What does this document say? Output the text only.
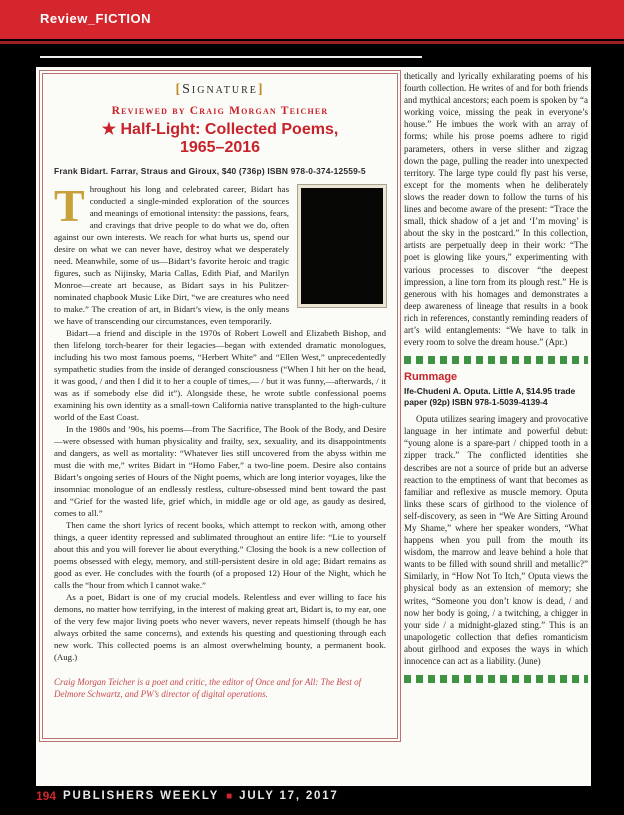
Review_FICTION
[Signature]
Reviewed by Craig Morgan Teicher
★ Half-Light: Collected Poems,
1965–2016
Frank Bidart. Farrar, Straus and Giroux, $40 (736p) ISBN 978-0-374-12559-5

T hroughout his long and celebrated career, Bidart has conducted a single-minded exploration of the sources and meanings of emotional intensity: the passions, fears, and cravings that drive people to do what we do, often against our own interests. We reach for what hurts us, spend our desire on what we can never have, destroy what we desperately need. Meanwhile, some of us—Bidart’s favorite heroic and tragic figures, such as Nijinsky, Maria Callas, Edith Piaf, and Marilyn Monroe—create art because, as Bidart says in his Pulitzer-nominated chapbook Music Like Dirt, “we are creatures who need to make.” The creation of art, in Bidart’s view, is the only means we have of transcending our circumstances, even temporarily.

Bidart—a friend and disciple in the 1970s of Robert Lowell and Elizabeth Bishop, and then lifelong torch-bearer for their legacies—began with extended dramatic monologues, including his two most famous poems, “Herbert White” and “Ellen West,” unprecedentedly sympathetic studies from the inside of deranged consciousness (“When I hit her on the head, it was good, / and then I did it to her a couple of times,— / but it was funny,—afterwards, / it was as if somebody else did it”). Alongside these, he wrote subtle confessional poems examining his own identity as a small-town California native transplanted to the high-culture world of the East Coast.

In the 1980s and ’90s, his poems—from The Sacrifice, The Book of the Body, and Desire—were obsessed with human physicality and frailty, sex, sexuality, and its disappointments and dangers, as well as mortality: “Whatever lies still uncovered from the abyss within me must die with me,” writes Bidart in “Homo Faber,” a two-line poem. Desire also contains Bidart’s ongoing series of Hours of the Night poems, which are long interior voyages, like the insomniac monologue of an endlessly restless, culture-obsessed mind bent toward the past and “Grief for the wasted life, grief which, in middle age or old age, as gaudy as desired, comes to all.”

Then came the short lyrics of recent books, which attempt to reckon with, among other things, a queer identity repressed and sublimated throughout an entire life: “Lie to yourself about this and you will forever lie about everything.” Closing the book is a new collection of poems obsessed with elegy, memory, and still-persistent desire in old age; Bidart remains as good as ever. He concludes with the fourth (of a proposed 12) Hour of the Night, which he calls the “hour from which I cannot wake.”

As a poet, Bidart is one of my crucial models. Relentless and ever willing to face his demons, no matter how terrifying, in the interest of making great art, Bidart is, to my ear, one of the very few major living poets who never wavers, never repeats himself (though he has always orbited the same concerns), and extends his questing and questioning through each new work. This collected poems is an almost overwhelming bounty, a permanent book. (Aug.)

Craig Morgan Teicher is a poet and critic, the editor of Once and for All: The Best of Delmore Schwartz, and PW’s director of digital operations.

thetically and lyrically exhilarating poems of his fourth collection. He writes of and for both friends and mythical ancestors; each poem is spoken by “a working voice, missing the peak in everyone’s house.” He imbues the work with an array of forms; while his prose poems adhere to rigid parameters, others in verse slither and zigzag down the page, pulling the reader into unexpected territory. The large type could fly past his verse, except for the moments when he deliberately slows the reader down to follow the turns of his lines and become aware of the present: “Trace the small, thick shadow of a jet and ‘I’m moving’ is about the sky in the postcard.” In this collection, artists are perpetually deep in their work: “The poet is glowing like yours,” experimenting with various processes to discover “the deepest impression, a line torn from its plough rest.” He is generous with his homages and demonstrates a deep awareness of lineage that results in a book rich in references, constantly reminding readers of art’s wild entanglements: “We have to talk in every room to solve the dream house.” (Apr.)

Rummage
Ife-Chudeni A. Oputa. Little A, $14.95 trade paper (92p) ISBN 978-1-5039-4139-4

Oputa utilizes searing imagery and provocative language in her intimate and powerful debut: “young alone is a spare-part / chipped tooth in a zipper track.” The conflicted identities she describes are not a source of pride but an adverse reaction to the emptiness of want that becomes as familiar and reflexive as muscle memory. Oputa links these scars of girlhood to the violence of self-discovery, as seen in “We Are Sitting Around My Shame,” where her speaker wonders, “What happens when you pull from the mouth its wisdom, the marrow and leave behind a hole that wants to be filled with sound shrill and metallic?” Similarly, in “How Not To Itch,” Oputa views the physical body as an extension of memory; she writes, “Someone you don’t know is dead, / and now her body is going, / a twitching, a chigger in your side / a midnight-glazed sting.” This is an unapologetic collection that defies romanticism about girlhood and exposes the ways in which innocence can act as a liability. (June)

194 PUBLISHERS WEEKLY ■ JULY 17, 2017
